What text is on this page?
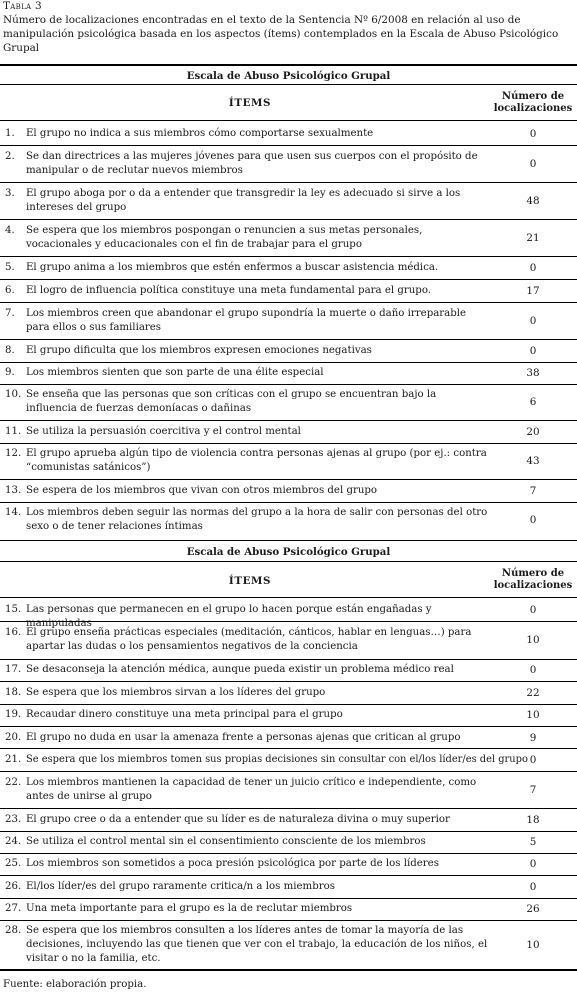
Tabla 3
Número de localizaciones encontradas en el texto de la Sentencia Nº 6/2008 en relación al uso de manipulación psicológica basada en los aspectos (ítems) contemplados en la Escala de Abuso Psicológico Grupal
Escala de Abuso Psicológico Grupal
ÍTEMS
Número de
localizaciones
1.	El grupo no indica a sus miembros cómo comportarse sexualmente	0
2.	Se dan directrices a las mujeres jóvenes para que usen sus cuerpos con el propósito de manipular o de reclutar nuevos miembros
0
3.	El grupo aboga por o da a entender que transgredir la ley es adecuado si sirve a los intereses del grupo
48
4.	Se espera que los miembros pospongan o renuncien a sus metas personales, vocacionales y educacionales con el fin de trabajar para el grupo
21
5.	El grupo anima a los miembros que estén enfermos a buscar asistencia médica.	0
6.	El logro de influencia política constituye una meta fundamental para el grupo.	17
7.	Los miembros creen que abandonar el grupo supondría la muerte o daño irreparable para ellos o sus familiares
0
8.	El grupo dificulta que los miembros expresen emociones negativas	0
9.	Los miembros sienten que son parte de una élite especial	38
10. Se enseña que las personas que son críticas con el grupo se encuentran bajo la influencia de fuerzas demoníacas o dañinas
6
11. Se utiliza la persuasión coercitiva y el control mental	20
12. El grupo aprueba algún tipo de violencia contra personas ajenas al grupo (por ej.: contra “comunistas satánicos”)
43
13. Se espera de los miembros que vivan con otros miembros del grupo	7
14. Los miembros deben seguir las normas del grupo a la hora de salir con personas del otro sexo o de tener relaciones íntimas
0
Escala de Abuso Psicológico Grupal
ÍTEMS
Número de
localizaciones
15. Las personas que permanecen en el grupo lo hacen porque están engañadas y manipuladas
0
16. El grupo enseña prácticas especiales (meditación, cánticos, hablar en lenguas…) para apartar las dudas o los pensamientos negativos de la conciencia
10
17. Se desaconseja la atención médica, aunque pueda existir un problema médico real	0
18. Se espera que los miembros sirvan a los líderes del grupo	22
19. Recaudar dinero constituye una meta principal para el grupo	10
20. El grupo no duda en usar la amenaza frente a personas ajenas que critican al grupo	9
21. Se espera que los miembros tomen sus propias decisiones sin consultar con el/los líder/es del grupo 0
22. Los miembros mantienen la capacidad de tener un juicio crítico e independiente, como antes de unirse al grupo
7
23. El grupo cree o da a entender que su líder es de naturaleza divina o muy superior	18
24. Se utiliza el control mental sin el consentimiento consciente de los miembros	5
25. Los miembros son sometidos a poca presión psicológica por parte de los líderes	0
26. El/los líder/es del grupo raramente critica/n a los miembros	0
27. Una meta importante para el grupo es la de reclutar miembros	26
28. Se espera que los miembros consulten a los líderes antes de tomar la mayoría de las decisiones, incluyendo las que tienen que ver con el trabajo, la educación de los niños, el visitar o no la familia, etc.
10
Fuente: elaboración propia.
